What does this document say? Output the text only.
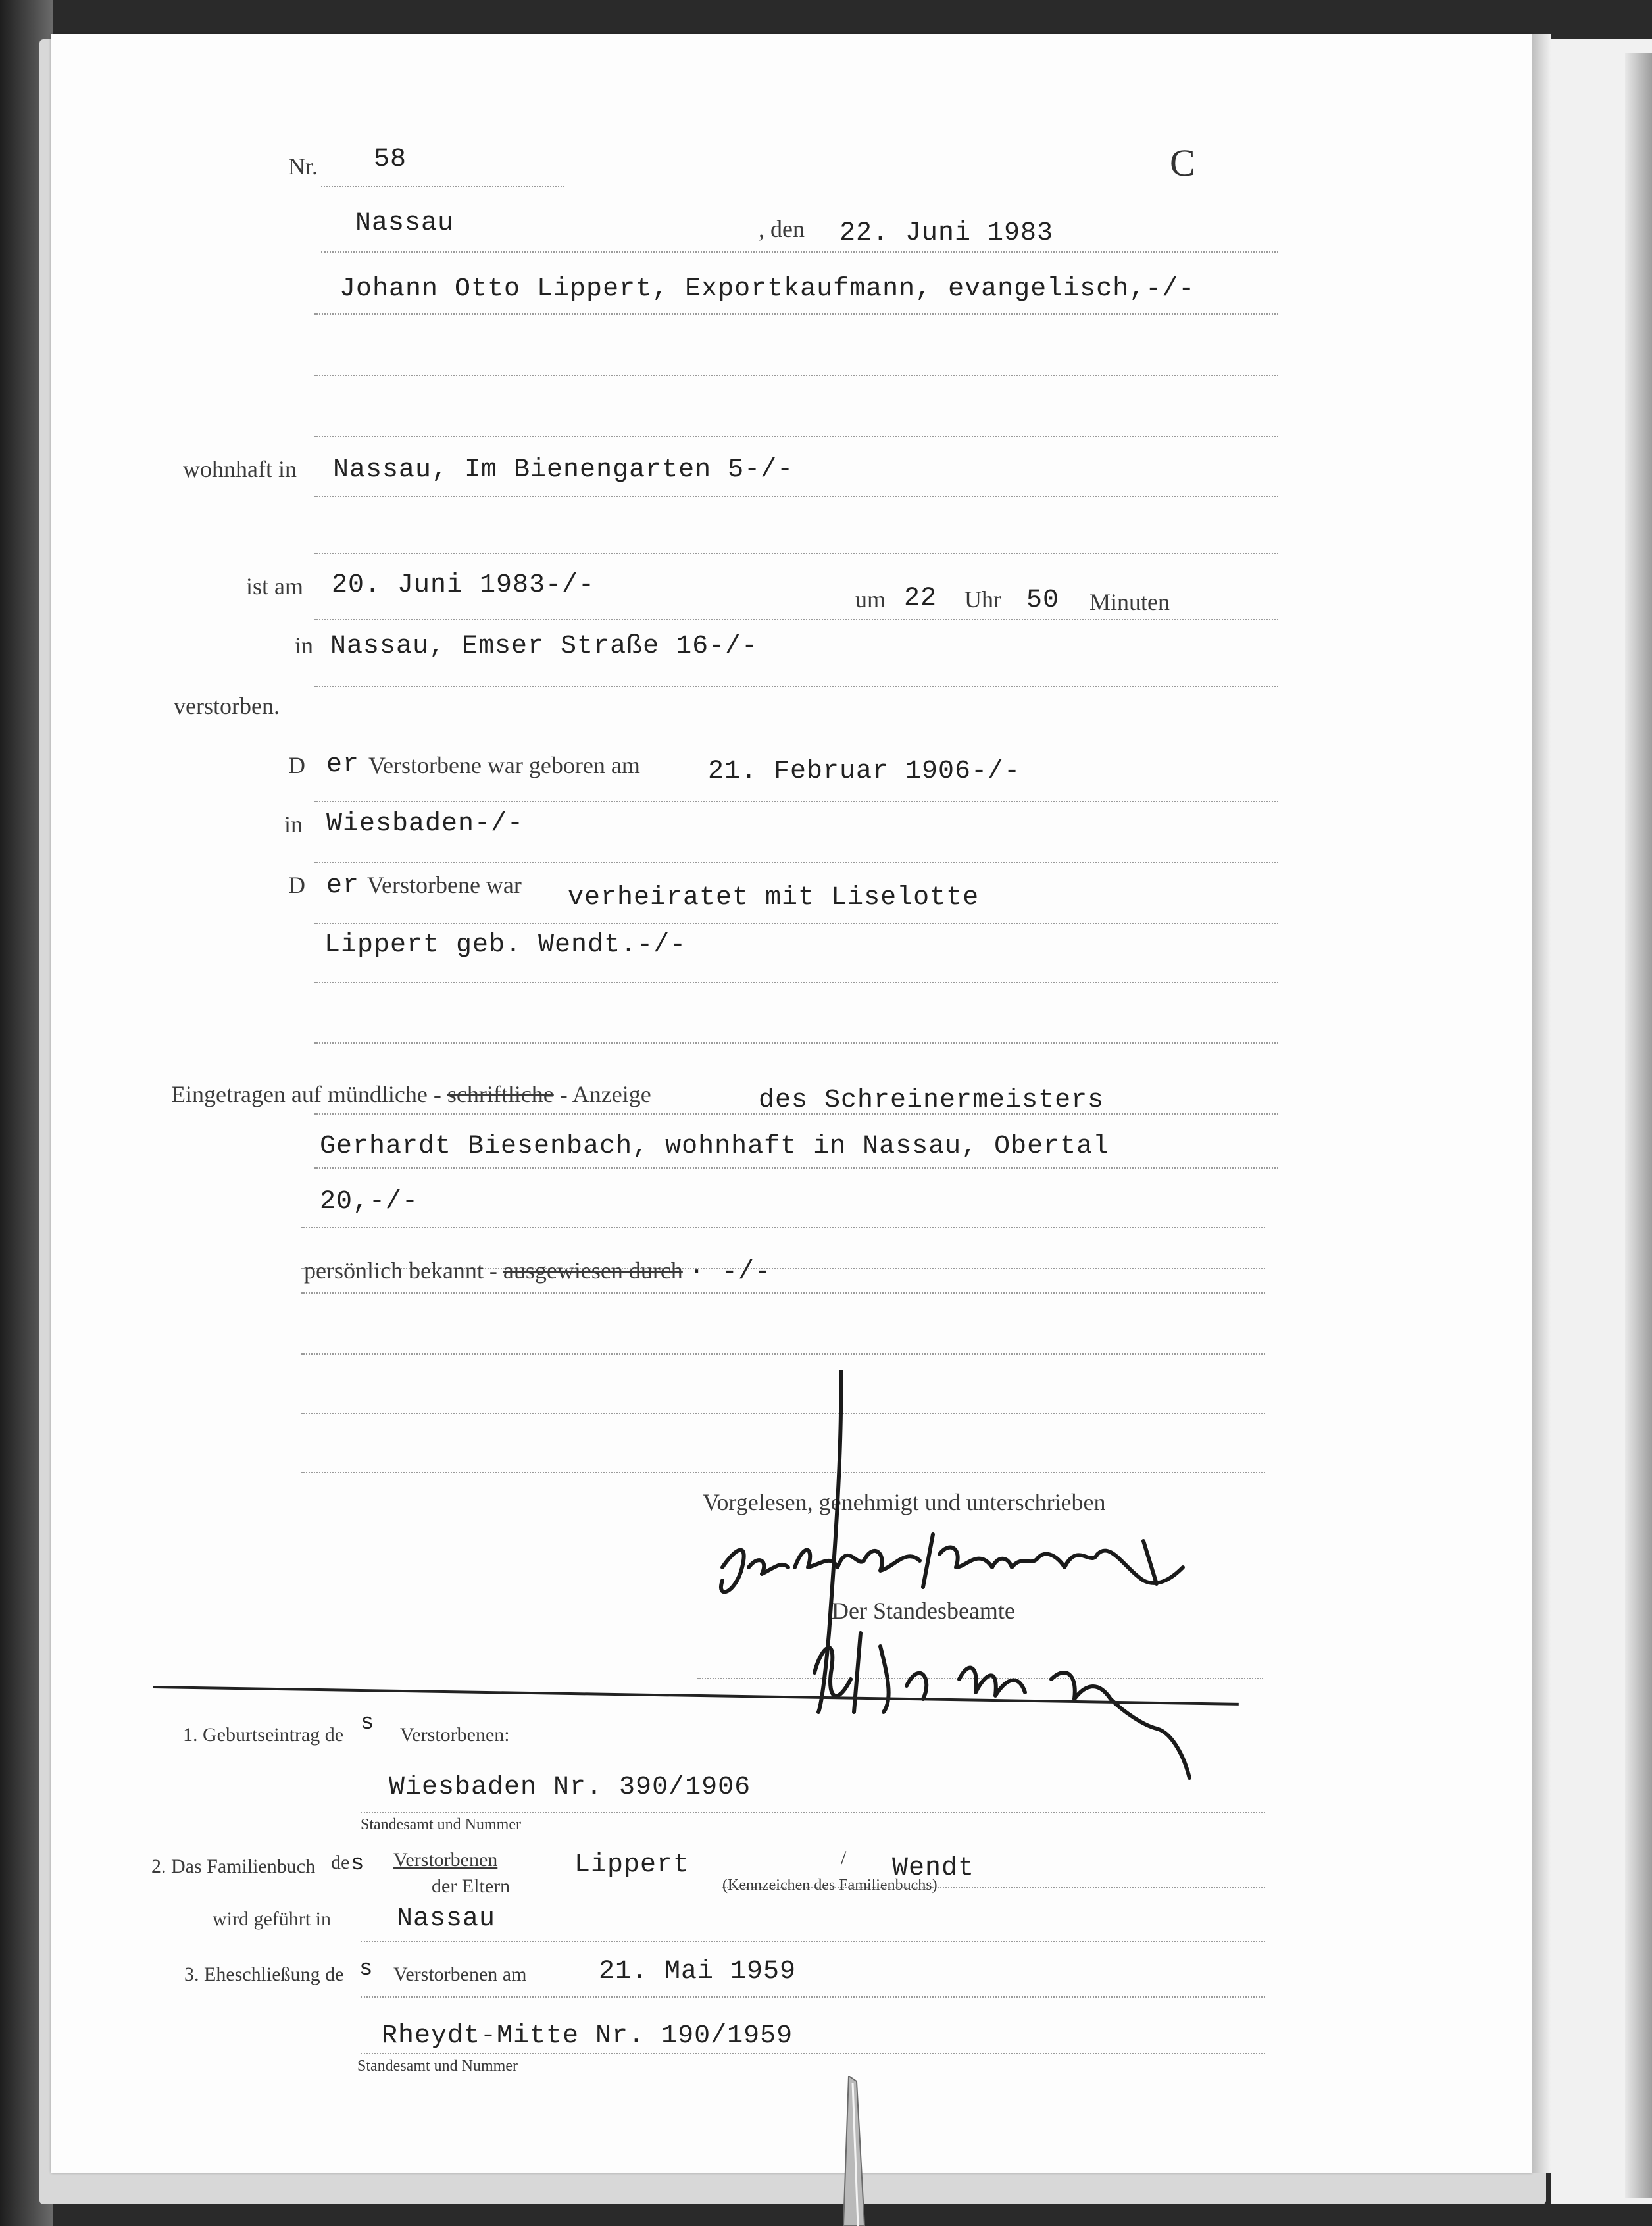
Nr. 58	C
Nassau	, den 22. Juni 1983
Johann Otto Lippert, Exportkaufmann, evangelisch,-/-
wohnhaft in Nassau, Im Bienengarten 5-/-
ist am 20. Juni 1983-/-	um 22 Uhr 50 Minuten
in Nassau, Emser Straße 16-/-
verstorben.
D er Verstorbene war geboren am	21. Februar 1906-/-
in Wiesbaden-/-
D er Verstorbene war verheiratet mit Liselotte
Lippert geb. Wendt.-/-
Eingetragen auf mündliche - schriftliche - Anzeige	des Schreinermeisters
Gerhardt Biesenbach, wohnhaft in Nassau, Obertal
20,-/-
persönlich bekannt - ausgewiesen durch · -/-
Vorgelesen, genehmigt und unterschrieben
Der Standesbeamte
1. Geburtseintrag de s Verstorbenen:
Wiesbaden Nr. 390/1906
Standesamt und Nummer
2. Das Familienbuch de s Verstorbenen
der Eltern
Lippert	/ Wendt
(Kennzeichen des Familienbuchs)
wird geführt in	Nassau
3. Eheschließung de s Verstorbenen am	21. Mai 1959
Rheydt-Mitte Nr. 190/1959
Standesamt und Nummer
